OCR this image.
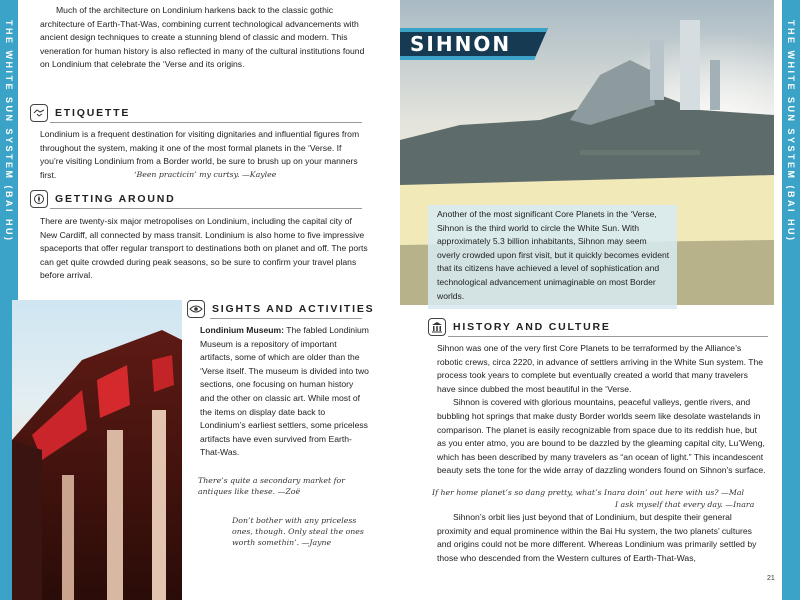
THE WHITE SUN SYSTEM (BAI HU)	THE WHITE SUN SYSTEM (BAI HU)

Much of the architecture on Londinium harkens back to the classic gothic architecture of Earth-That-Was, combining current technological advancements with ancient design techniques to create a stunning blend of classic and modern. This veneration for human history is also reflected in many of the cultural institutions found on Londinium that celebrate the ‘Verse and its origins.

ETIQUETTE

Londinium is a frequent destination for visiting dignitaries and influential figures from throughout the system, making it one of the most formal planets in the ‘Verse. If you’re visiting Londinium from a Border world, be sure to brush up on your manners first.	‘Been practicin’ my curtsy. —Kaylee
GETTING AROUND

There are twenty-six major metropolises on Londinium, including the capital city of New Cardiff, all connected by mass transit. Londinium is also home to five impressive spaceports that offer regular transport to destinations both on planet and off. The ports can get quite crowded during peak seasons, so be sure to confirm your travel plans before arrival.

SIGHTS AND ACTIVITIES

Londinium Museum: The fabled Londinium Museum is a repository of important artifacts, some of which are older than the ‘Verse itself. The museum is divided into two sections, one focusing on human history and the other on classic art. While most of the items on display date back to Londinium’s earliest settlers, some priceless artifacts have even survived from Earth-That-Was.

There’s quite a secondary market for antiques like these. —Zoë
Don’t bother with any priceless ones, though. Only steal the ones worth somethin’. —Jayne
SIHNON

Another of the most significant Core Planets in the ‘Verse, Sihnon is the third world to circle the White Sun. With approximately 5.3 billion inhabitants, Sihnon may seem overly crowded upon first visit, but it quickly becomes evident that its citizens have achieved a level of sophistication and technological advancement unimaginable on most Border worlds.

HISTORY AND CULTURE

Sihnon was one of the very first Core Planets to be terraformed by the Alliance’s robotic crews, circa 2220, in advance of settlers arriving in the White Sun system. The process took years to complete but eventually created a world that many travelers have since dubbed the most beautiful in the ‘Verse.

Sihnon is covered with glorious mountains, peaceful valleys, gentle rivers, and bubbling hot springs that make dusty Border worlds seem like desolate wastelands in comparison. The planet is easily recognizable from space due to its reddish hue, but as you enter atmo, you are bound to be dazzled by the gleaming capital city, Lu’Weng, which has been described by many travelers as “an ocean of light.” This incandescent beauty sets the tone for the wide array of dazzling wonders found on Sihnon’s surface.

If her home planet’s so dang pretty, what’s Inara doin’ out here with us? —Mal
I ask myself that every day. —Inara

Sihnon’s orbit lies just beyond that of Londinium, but despite their general proximity and equal prominence within the Bai Hu system, the two planets’ cultures and origins could not be more different. Whereas Londinium was primarily settled by those who descended from the Western cultures of Earth-That-Was,

21
